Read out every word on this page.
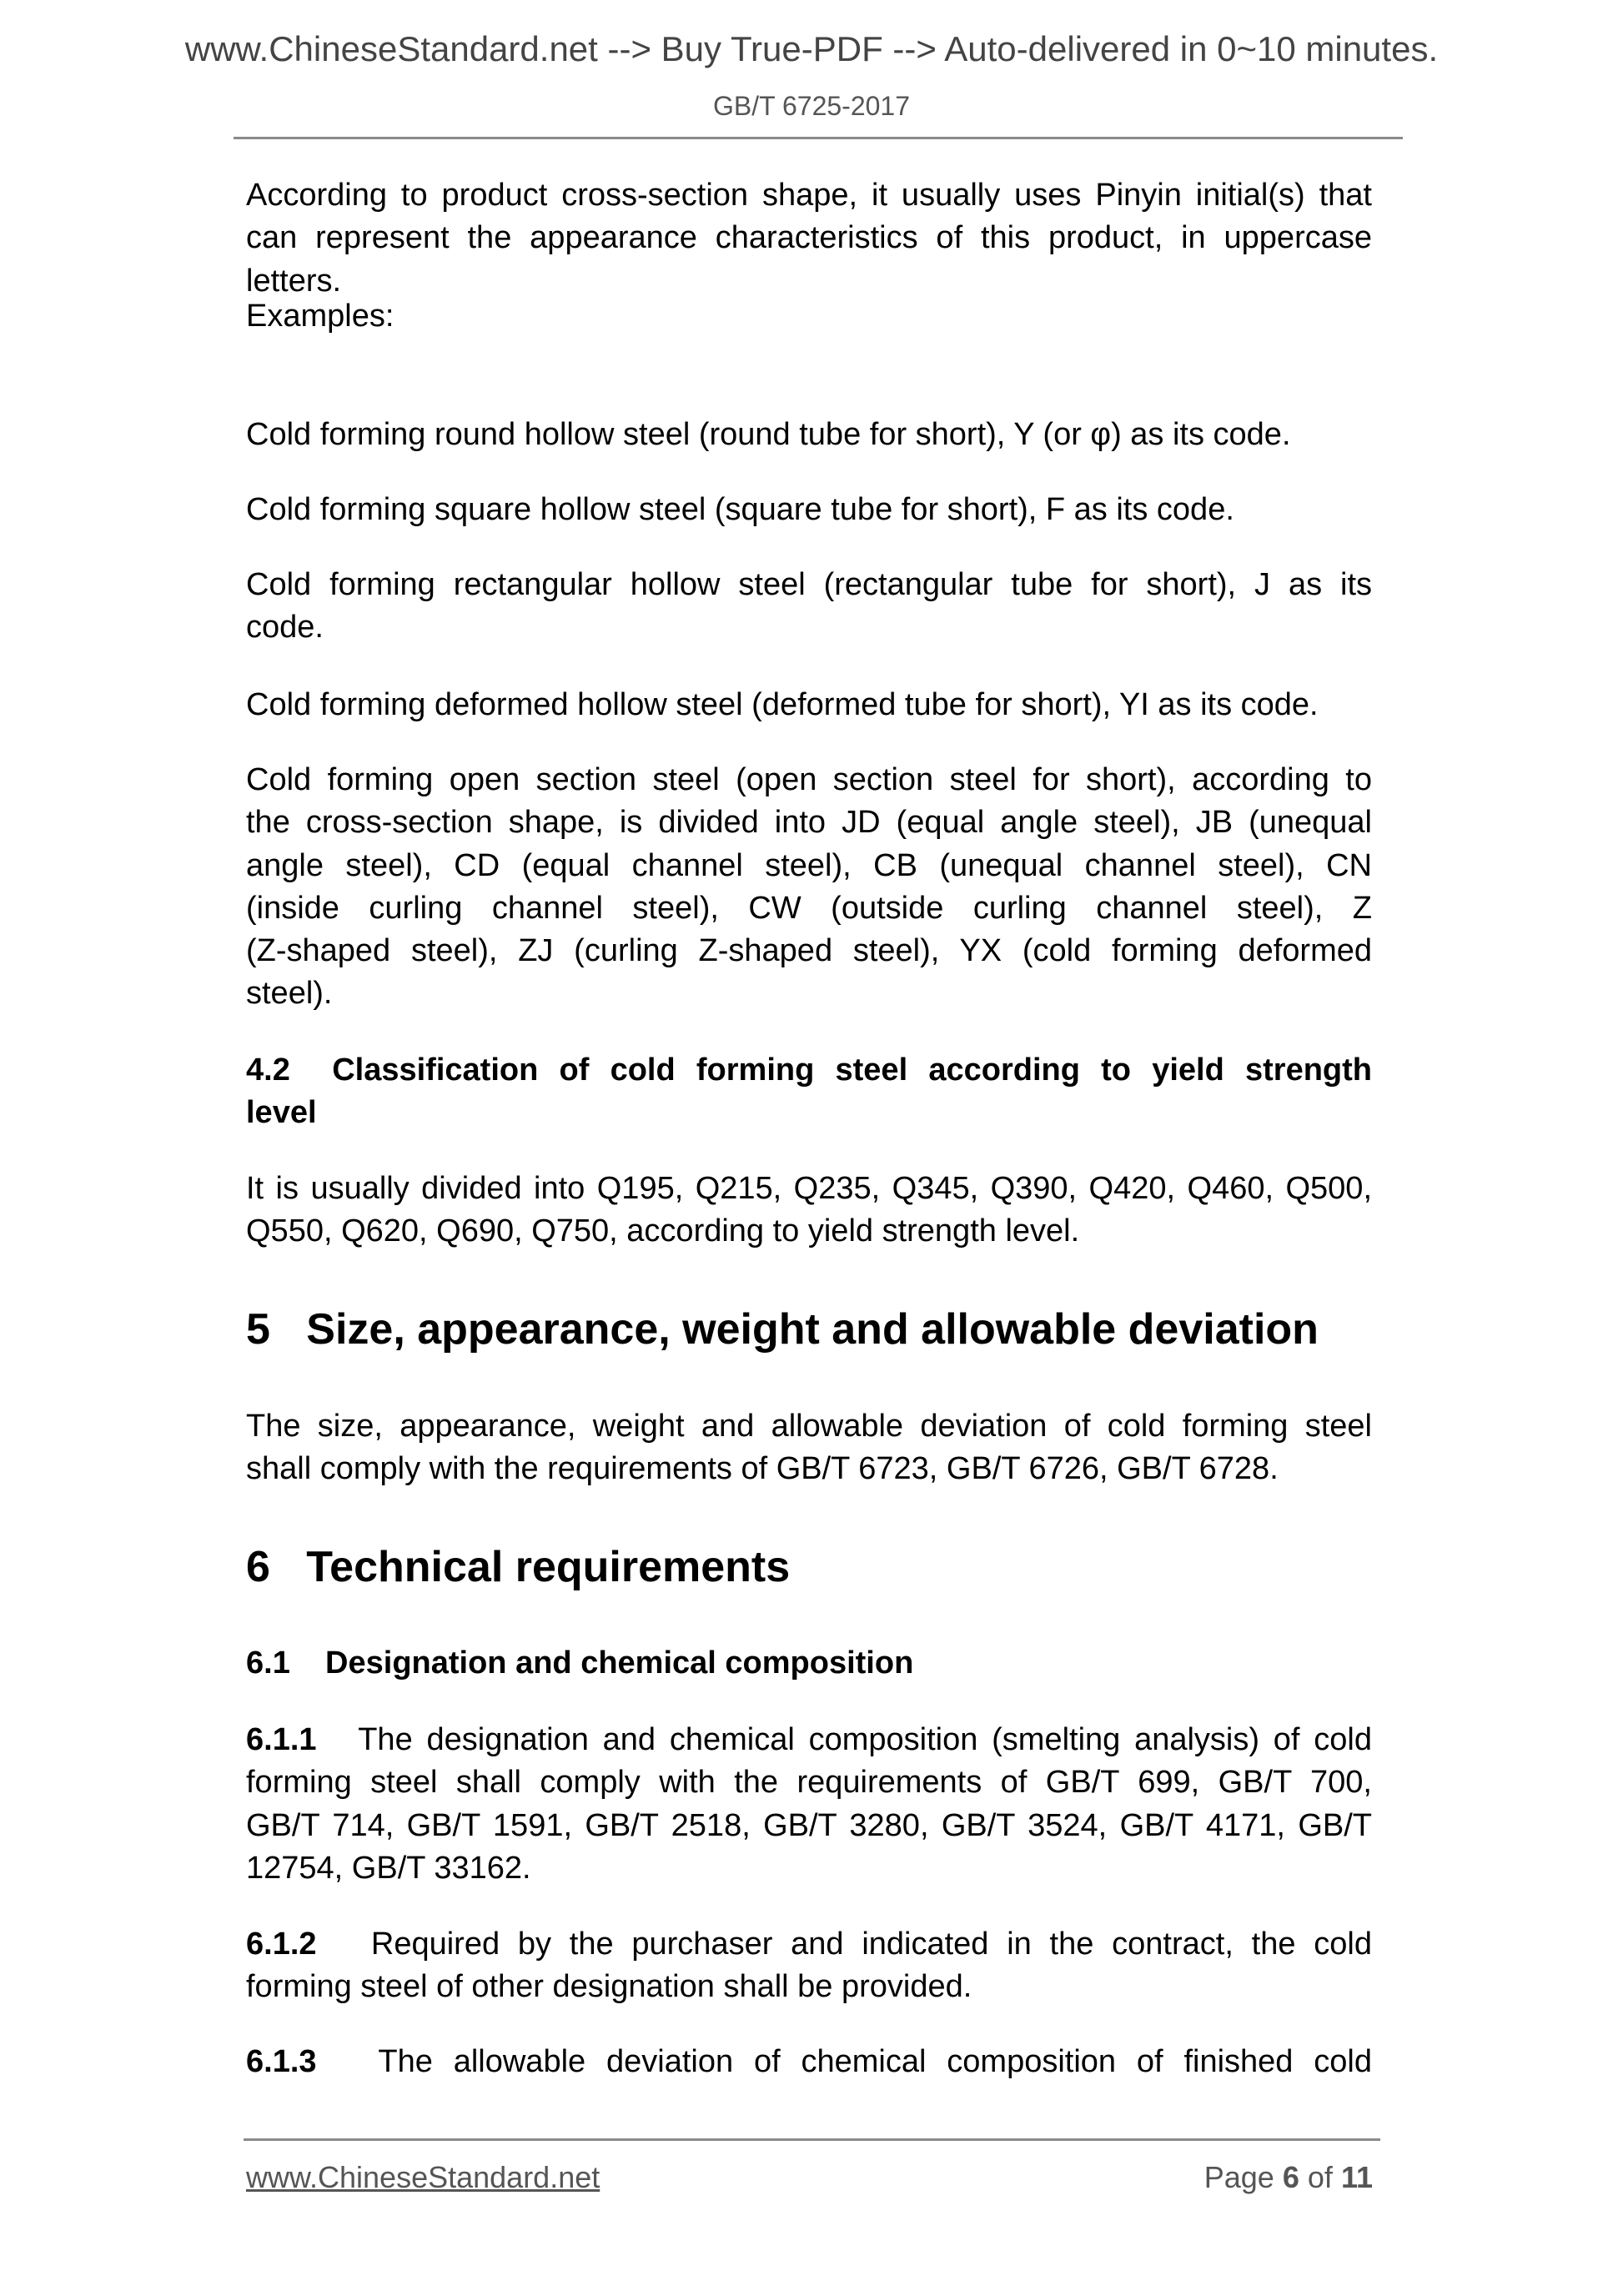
www.ChineseStandard.net --> Buy True-PDF --> Auto-delivered in 0~10 minutes.
GB/T 6725-2017
According to product cross-section shape, it usually uses Pinyin initial(s) that
can represent the appearance characteristics of this product, in uppercase
letters.
Examples:
Cold forming round hollow steel (round tube for short), Y (or φ) as its code.
Cold forming square hollow steel (square tube for short), F as its code.
Cold forming rectangular hollow steel (rectangular tube for short), J as its
code.
Cold forming deformed hollow steel (deformed tube for short), YI as its code.
Cold forming open section steel (open section steel for short), according to
the cross-section shape, is divided into JD (equal angle steel), JB (unequal
angle steel), CD (equal channel steel), CB (unequal channel steel), CN
(inside curling channel steel), CW (outside curling channel steel), Z
(Z-shaped steel), ZJ (curling Z-shaped steel), YX (cold forming deformed
steel).
4.2  Classification of cold forming steel according to yield strength
level
It is usually divided into Q195, Q215, Q235, Q345, Q390, Q420, Q460, Q500,
Q550, Q620, Q690, Q750, according to yield strength level.
5   Size, appearance, weight and allowable deviation
The size, appearance, weight and allowable deviation of cold forming steel
shall comply with the requirements of GB/T 6723, GB/T 6726, GB/T 6728.
6   Technical requirements
6.1    Designation and chemical composition
6.1.1 The designation and chemical composition (smelting analysis) of cold
forming steel shall comply with the requirements of GB/T 699, GB/T 700,
GB/T 714, GB/T 1591, GB/T 2518, GB/T 3280, GB/T 3524, GB/T 4171, GB/T
12754, GB/T 33162.
6.1.2 Required by the purchaser and indicated in the contract, the cold
forming steel of other designation shall be provided.
6.1.3 The allowable deviation of chemical composition of finished cold
www.ChineseStandard.net	Page 6 of 11
